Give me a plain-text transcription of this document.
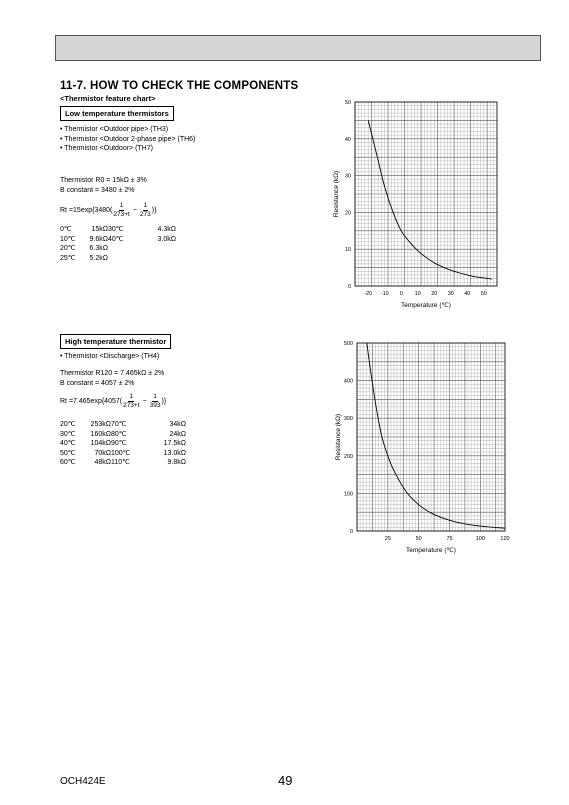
11-7. HOW TO CHECK THE COMPONENTS
<Thermistor feature chart>
Low temperature thermistors
• Thermistor <Outdoor pipe> (TH3)
• Thermistor <Outdoor 2-phase pipe> (TH6)
• Thermistor <Outdoor> (TH7)
Thermistor R0 = 15kΩ ± 3%
B constant = 3480 ± 2%
$Rt =15\exp\{3480( \frac{1}{273+t} - \frac{1}{273}$ )}
0℃	15kΩ 30℃	4.3kΩ
10℃	9.6kΩ 40℃	3.0kΩ
20℃	6.3kΩ
25℃	5.2kΩ
0
10
20
30
40
50
-20 -10 0 10 20 30 40 50
Temperature (℃)
Resistance (kΩ)
High temperature thermistor
• Thermistor <Discharge> (TH4)
Thermistor R120 = 7.465kΩ ± 2%
B constant = 4057 ± 2%
$Rt =7.465\exp\{4057( \frac{1}{273+t} - \frac{1}{393}$ )}
20℃	253kΩ 70℃	34kΩ
30℃	160kΩ 80℃	24kΩ
40℃	104kΩ 90℃	17.5kΩ
50℃	70kΩ 100℃	13.0kΩ
60℃	48kΩ 110℃	9.8kΩ
0
100
200
300
400
500
25	50	75	100	120
Temperature (℃)
Resistance (kΩ)
OCH424E	49
